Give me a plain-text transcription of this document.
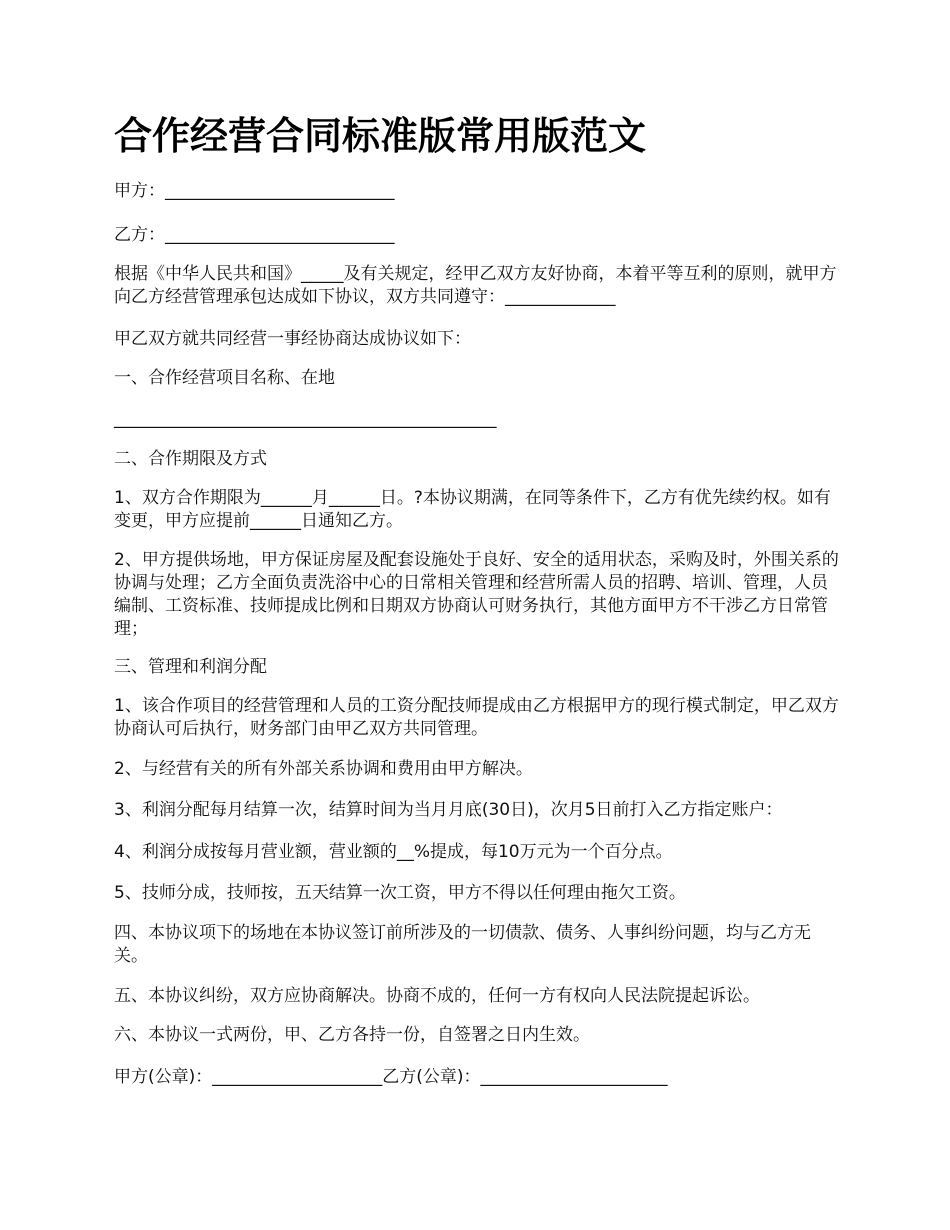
合作经营合同标准版常用版范文

甲方：___________________________

乙方：___________________________

根据《中华人民共和国》_____及有关规定，经甲乙双方友好协商，本着平等互利的原则，就甲方向乙方经营管理承包达成如下协议，双方共同遵守：_____________

甲乙双方就共同经营一事经协商达成协议如下：

一、合作经营项目名称、在地

_____________________________________________

二、合作期限及方式

1、双方合作期限为______月______日。?本协议期满，在同等条件下，乙方有优先续约权。如有变更，甲方应提前______日通知乙方。

2、甲方提供场地，甲方保证房屋及配套设施处于良好、安全的适用状态，采购及时，外围关系的协调与处理；乙方全面负责洗浴中心的日常相关管理和经营所需人员的招聘、培训、管理，人员编制、工资标准、技师提成比例和日期双方协商认可财务执行，其他方面甲方不干涉乙方日常管理；

三、管理和利润分配

1、该合作项目的经营管理和人员的工资分配技师提成由乙方根据甲方的现行模式制定，甲乙双方协商认可后执行，财务部门由甲乙双方共同管理。

2、与经营有关的所有外部关系协调和费用由甲方解决。

3、利润分配每月结算一次，结算时间为当月月底(30日)，次月5日前打入乙方指定账户：

4、利润分成按每月营业额，营业额的__%提成，每10万元为一个百分点。

5、技师分成，技师按，五天结算一次工资，甲方不得以任何理由拖欠工资。

四、本协议项下的场地在本协议签订前所涉及的一切债款、债务、人事纠纷问题，均与乙方无关。

五、本协议纠纷，双方应协商解决。协商不成的，任何一方有权向人民法院提起诉讼。

六、本协议一式两份，甲、乙方各持一份，自签署之日内生效。

甲方(公章)：____________________乙方(公章)：______________________
